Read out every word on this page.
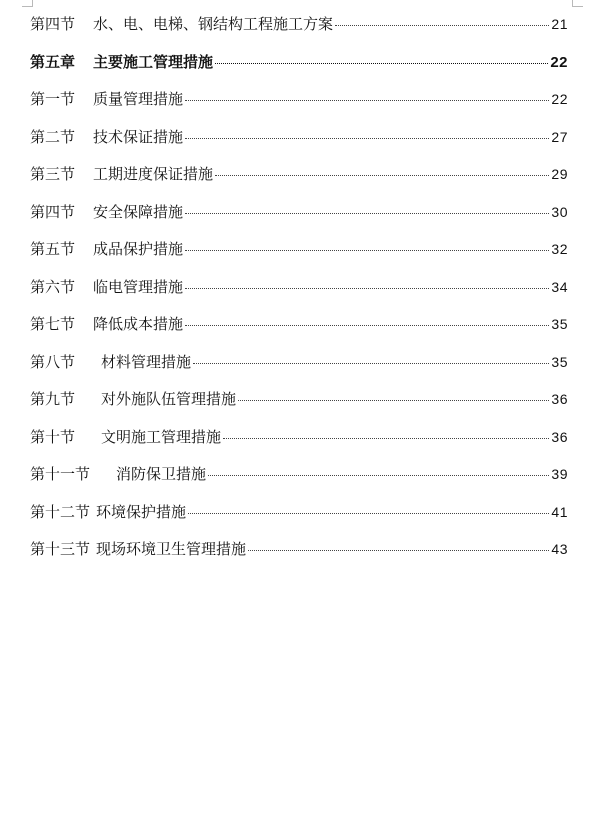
第四节 水、电、电梯、钢结构工程施工方案	21
第五章 主要施工管理措施	22
第一节 质量管理措施	22
第二节 技术保证措施	27
第三节 工期进度保证措施	29
第四节 安全保障措施	30
第五节 成品保护措施	32
第六节 临电管理措施	34
第七节 降低成本措施	35
第八节 材料管理措施	35
第九节 对外施队伍管理措施	36
第十节 文明施工管理措施	36
第十一节 消防保卫措施	39
第十二节 环境保护措施	41
第十三节 现场环境卫生管理措施	43
